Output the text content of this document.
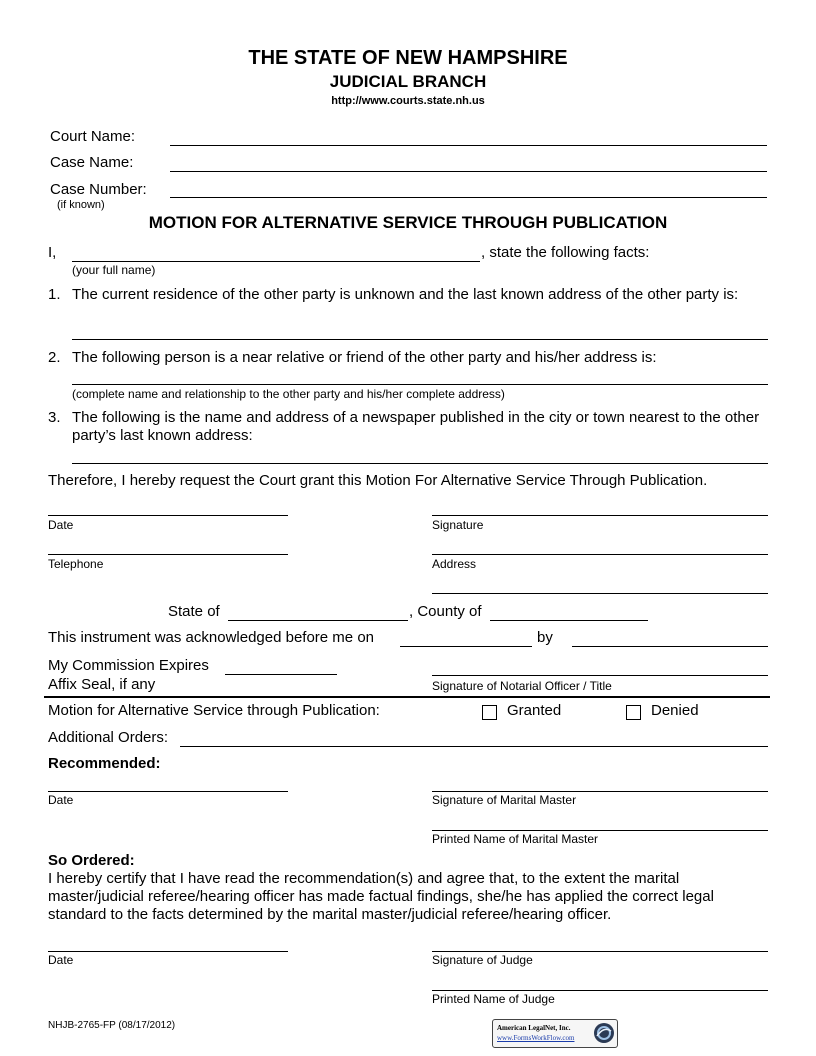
THE STATE OF NEW HAMPSHIRE
JUDICIAL BRANCH
http://www.courts.state.nh.us
Court Name:
Case Name:
Case Number:
(if known)
MOTION FOR ALTERNATIVE SERVICE THROUGH PUBLICATION
I,	, state the following facts:
(your full name)
1. The current residence of the other party is unknown and the last known address of the other party is:
2. The following person is a near relative or friend of the other party and his/her address is:
(complete name and relationship to the other party and his/her complete address)
3. The following is the name and address of a newspaper published in the city or town nearest to the other party’s last known address:
Therefore, I hereby request the Court grant this Motion For Alternative Service Through Publication.
Date	Signature
Telephone	Address
State of	, County of
This instrument was acknowledged before me on	by
My Commission Expires
Affix Seal, if any	Signature of Notarial Officer / Title
Motion for Alternative Service through Publication:	Granted	Denied
Additional Orders:
Recommended:
Date	Signature of Marital Master
Printed Name of Marital Master
So Ordered:
I hereby certify that I have read the recommendation(s) and agree that, to the extent the marital master/judicial referee/hearing officer has made factual findings, she/he has applied the correct legal standard to the facts determined by the marital master/judicial referee/hearing officer.
Date	Signature of Judge
Printed Name of Judge
NHJB-2765-FP (08/17/2012)	American LegalNet, Inc.
www.FormsWorkFlow.com
